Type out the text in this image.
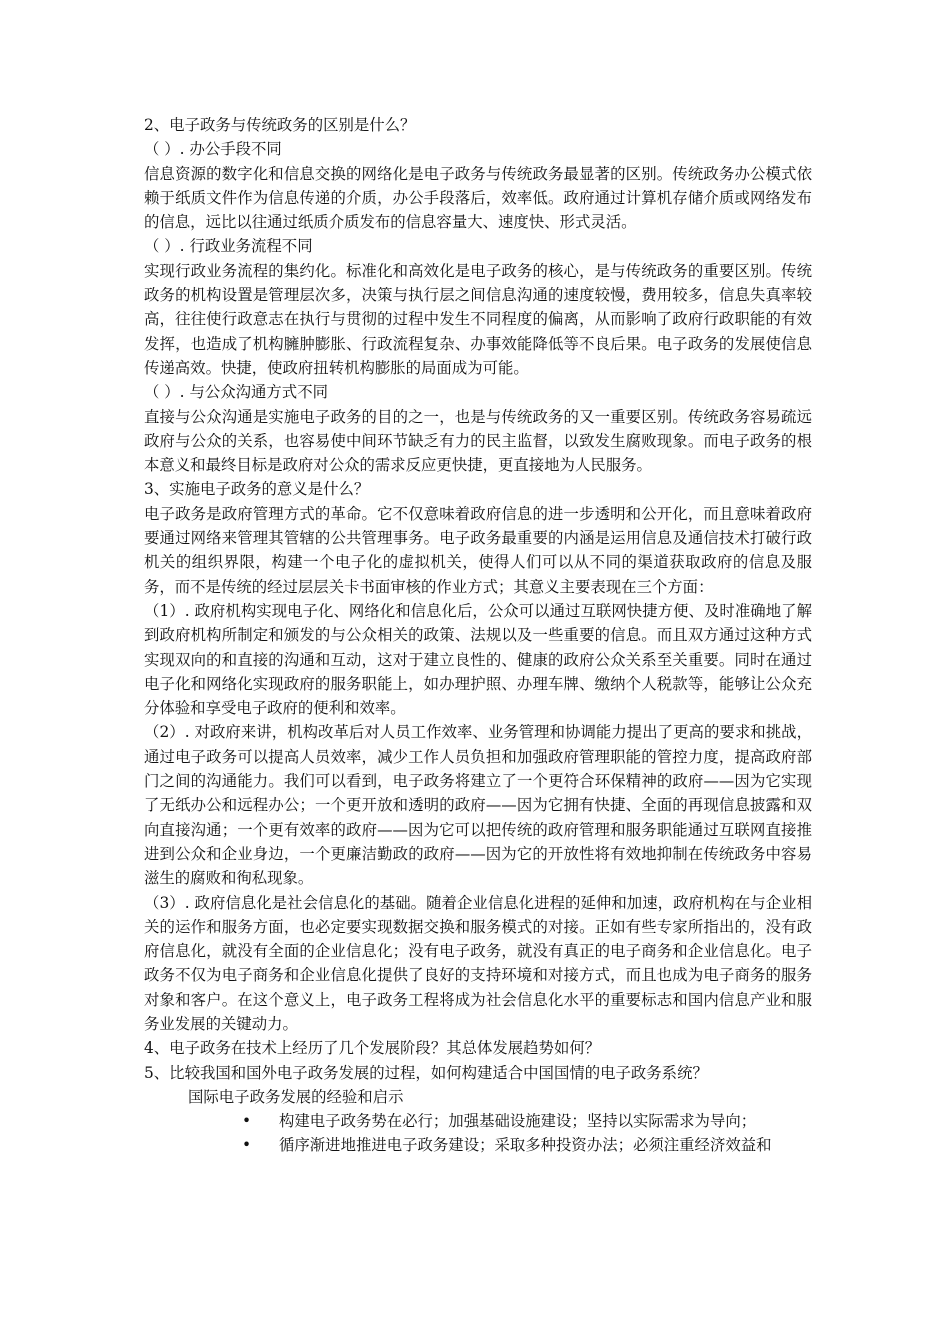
2、电子政务与传统政务的区别是什么？

（ ）. 办公手段不同

信息资源的数字化和信息交换的网络化是电子政务与传统政务最显著的区别。传统政务办公模式依赖于纸质文件作为信息传递的介质，办公手段落后，效率低。政府通过计算机存储介质或网络发布的信息，远比以往通过纸质介质发布的信息容量大、速度快、形式灵活。

（ ）. 行政业务流程不同

实现行政业务流程的集约化。标准化和高效化是电子政务的核心，是与传统政务的重要区别。传统政务的机构设置是管理层次多，决策与执行层之间信息沟通的速度较慢，费用较多，信息失真率较高，往往使行政意志在执行与贯彻的过程中发生不同程度的偏离，从而影响了政府行政职能的有效发挥，也造成了机构臃肿膨胀、行政流程复杂、办事效能降低等不良后果。电子政务的发展使信息传递高效。快捷，使政府扭转机构膨胀的局面成为可能。

（ ）. 与公众沟通方式不同

直接与公众沟通是实施电子政务的目的之一，也是与传统政务的又一重要区别。传统政务容易疏远政府与公众的关系，也容易使中间环节缺乏有力的民主监督，以致发生腐败现象。而电子政务的根本意义和最终目标是政府对公众的需求反应更快捷，更直接地为人民服务。

3、实施电子政务的意义是什么？

电子政务是政府管理方式的革命。它不仅意味着政府信息的进一步透明和公开化，而且意味着政府要通过网络来管理其管辖的公共管理事务。电子政务最重要的内涵是运用信息及通信技术打破行政机关的组织界限，构建一个电子化的虚拟机关，使得人们可以从不同的渠道获取政府的信息及服务，而不是传统的经过层层关卡书面审核的作业方式；其意义主要表现在三个方面：

（1）. 政府机构实现电子化、网络化和信息化后，公众可以通过互联网快捷方便、及时准确地了解到政府机构所制定和颁发的与公众相关的政策、法规以及一些重要的信息。而且双方通过这种方式实现双向的和直接的沟通和互动，这对于建立良性的、健康的政府公众关系至关重要。同时在通过电子化和网络化实现政府的服务职能上，如办理护照、办理车牌、缴纳个人税款等，能够让公众充分体验和享受电子政府的便利和效率。

（2）. 对政府来讲，机构改革后对人员工作效率、业务管理和协调能力提出了更高的要求和挑战，通过电子政务可以提高人员效率，减少工作人员负担和加强政府管理职能的管控力度，提高政府部门之间的沟通能力。我们可以看到，电子政务将建立了一个更符合环保精神的政府——因为它实现了无纸办公和远程办公；一个更开放和透明的政府——因为它拥有快捷、全面的再现信息披露和双向直接沟通；一个更有效率的政府——因为它可以把传统的政府管理和服务职能通过互联网直接推进到公众和企业身边，一个更廉洁勤政的政府——因为它的开放性将有效地抑制在传统政务中容易滋生的腐败和徇私现象。

（3）. 政府信息化是社会信息化的基础。随着企业信息化进程的延伸和加速，政府机构在与企业相关的运作和服务方面，也必定要实现数据交换和服务模式的对接。正如有些专家所指出的，没有政府信息化，就没有全面的企业信息化；没有电子政务，就没有真正的电子商务和企业信息化。电子政务不仅为电子商务和企业信息化提供了良好的支持环境和对接方式，而且也成为电子商务的服务对象和客户。在这个意义上，电子政务工程将成为社会信息化水平的重要标志和国内信息产业和服务业发展的关键动力。

4、电子政务在技术上经历了几个发展阶段？其总体发展趋势如何？

5、比较我国和国外电子政务发展的过程，如何构建适合中国国情的电子政务系统？

国际电子政务发展的经验和启示

• 构建电子政务势在必行；加强基础设施建设；坚持以实际需求为导向；

• 循序渐进地推进电子政务建设；采取多种投资办法；必须注重经济效益和
